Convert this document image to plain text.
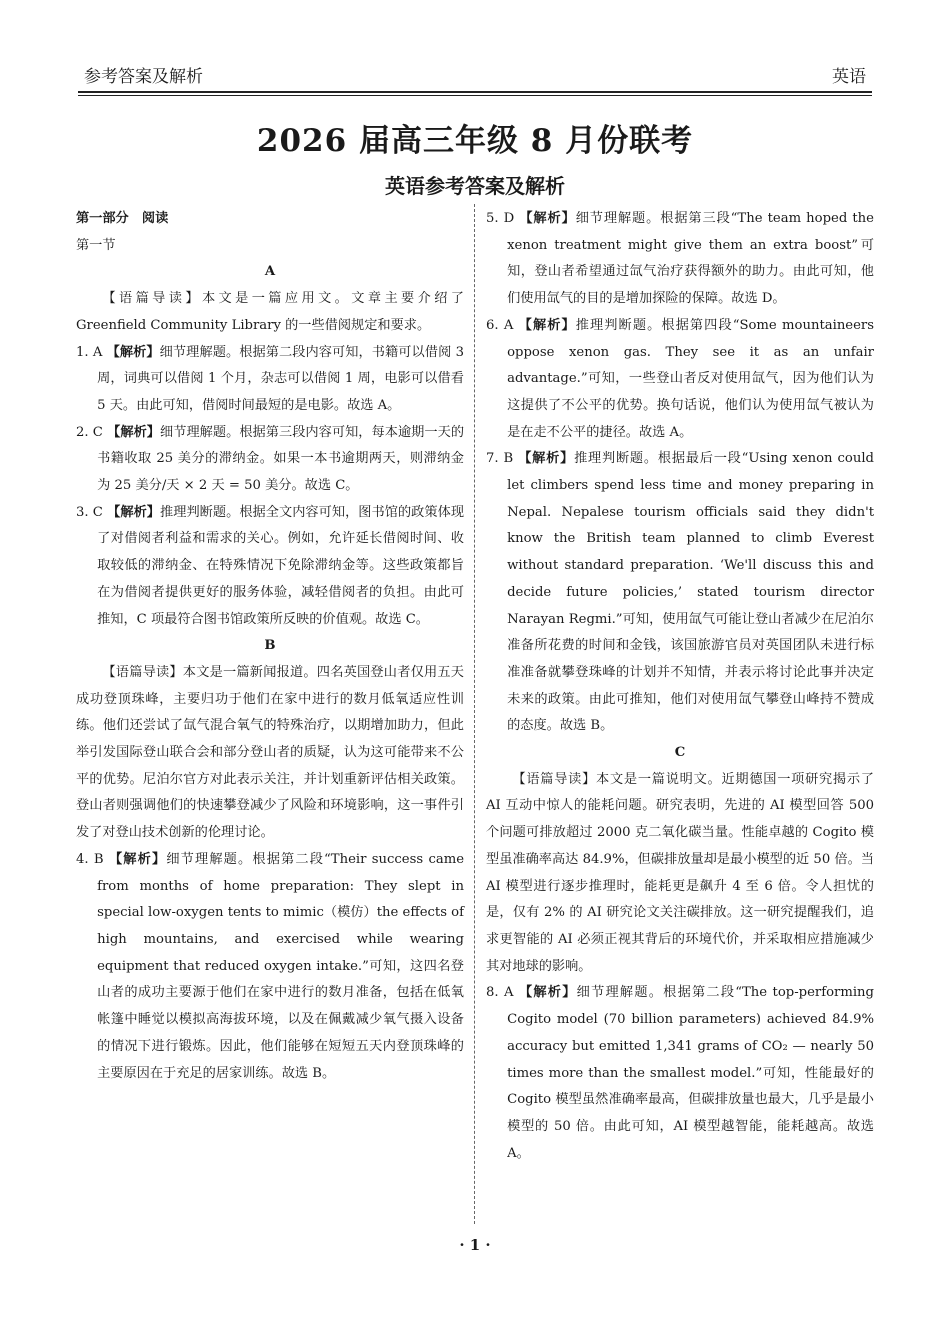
参考答案及解析	英语
2026 届高三年级 8 月份联考
英语参考答案及解析

第一部分　阅读

第一节

A

【语篇导读】本文是一篇应用文。文章主要介绍了 Greenfield Community Library 的一些借阅规定和要求。

1. A 【解析】细节理解题。根据第二段内容可知，书籍可以借阅 3 周，词典可以借阅 1 个月，杂志可以借阅 1 周，电影可以借看 5 天。由此可知，借阅时间最短的是电影。故选 A。

2. C 【解析】细节理解题。根据第三段内容可知，每本逾期一天的书籍收取 25 美分的滞纳金。如果一本书逾期两天，则滞纳金为 25 美分/天 × 2 天 = 50 美分。故选 C。

3. C 【解析】推理判断题。根据全文内容可知，图书馆的政策体现了对借阅者利益和需求的关心。例如，允许延长借阅时间、收取较低的滞纳金、在特殊情况下免除滞纳金等。这些政策都旨在为借阅者提供更好的服务体验，减轻借阅者的负担。由此可推知，C 项最符合图书馆政策所反映的价值观。故选 C。

B

【语篇导读】本文是一篇新闻报道。四名英国登山者仅用五天成功登顶珠峰，主要归功于他们在家中进行的数月低氧适应性训练。他们还尝试了氙气混合氧气的特殊治疗，以期增加助力，但此举引发国际登山联合会和部分登山者的质疑，认为这可能带来不公平的优势。尼泊尔官方对此表示关注，并计划重新评估相关政策。登山者则强调他们的快速攀登减少了风险和环境影响，这一事件引发了对登山技术创新的伦理讨论。

4. B 【解析】细节理解题。根据第二段“Their success came from months of home preparation: They slept in special low-oxygen tents to mimic（模仿）the effects of high mountains, and exercised while wearing equipment that reduced oxygen intake.”可知，这四名登山者的成功主要源于他们在家中进行的数月准备，包括在低氧帐篷中睡觉以模拟高海拔环境，以及在佩戴减少氧气摄入设备的情况下进行锻炼。因此，他们能够在短短五天内登顶珠峰的主要原因在于充足的居家训练。故选 B。

5. D 【解析】细节理解题。根据第三段“The team hoped the xenon treatment might give them an extra boost”可知，登山者希望通过氙气治疗获得额外的助力。由此可知，他们使用氙气的目的是增加探险的保障。故选 D。

6. A 【解析】推理判断题。根据第四段“Some mountaineers oppose xenon gas. They see it as an unfair advantage.”可知，一些登山者反对使用氙气，因为他们认为这提供了不公平的优势。换句话说，他们认为使用氙气被认为是在走不公平的捷径。故选 A。

7. B 【解析】推理判断题。根据最后一段“Using xenon could let climbers spend less time and money preparing in Nepal. Nepalese tourism officials said they didn't know the British team planned to climb Everest without standard preparation. ‘We'll discuss this and decide future policies,’ stated tourism director Narayan Regmi.”可知，使用氙气可能让登山者减少在尼泊尔准备所花费的时间和金钱，该国旅游官员对英国团队未进行标准准备就攀登珠峰的计划并不知情，并表示将讨论此事并决定未来的政策。由此可推知，他们对使用氙气攀登山峰持不赞成的态度。故选 B。

C

【语篇导读】本文是一篇说明文。近期德国一项研究揭示了 AI 互动中惊人的能耗问题。研究表明，先进的 AI 模型回答 500 个问题可排放超过 2000 克二氧化碳当量。性能卓越的 Cogito 模型虽准确率高达 84.9%，但碳排放量却是最小模型的近 50 倍。当 AI 模型进行逐步推理时，能耗更是飙升 4 至 6 倍。令人担忧的是，仅有 2% 的 AI 研究论文关注碳排放。这一研究提醒我们，追求更智能的 AI 必须正视其背后的环境代价，并采取相应措施减少其对地球的影响。

8. A 【解析】细节理解题。根据第二段“The top-performing Cogito model (70 billion parameters) achieved 84.9% accuracy but emitted 1,341 grams of CO₂ — nearly 50 times more than the smallest model.”可知，性能最好的 Cogito 模型虽然准确率最高，但碳排放量也最大，几乎是最小模型的 50 倍。由此可知，AI 模型越智能，能耗越高。故选 A。

· 1 ·
